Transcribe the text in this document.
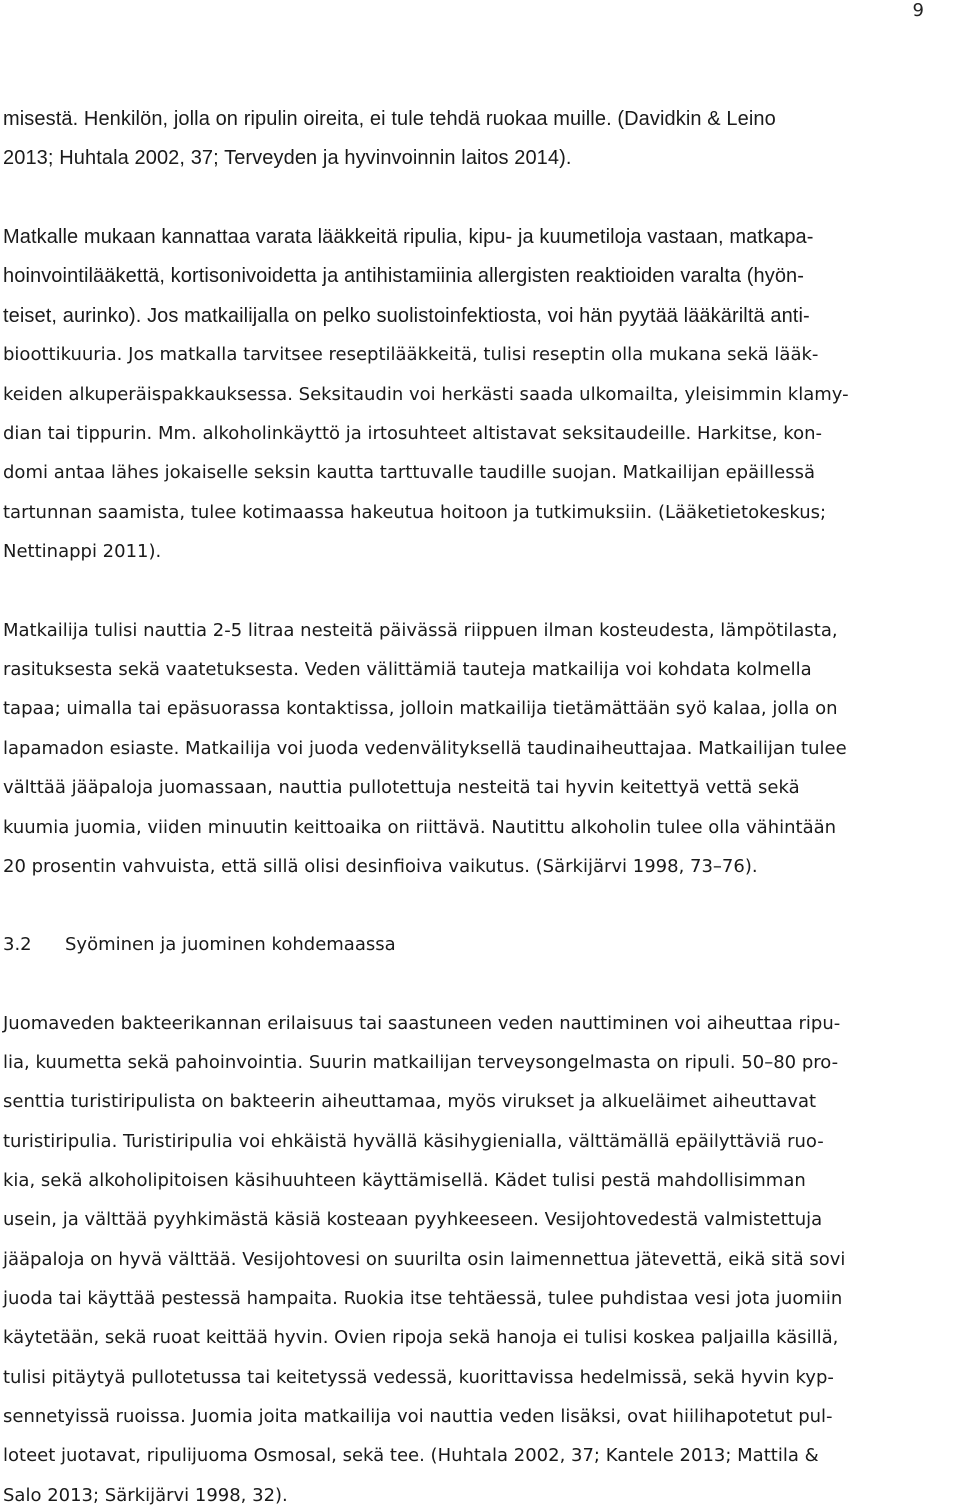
9
misestä. Henkilön, jolla on ripulin oireita, ei tule tehdä ruokaa muille. (Davidkin & Leino
2013; Huhtala 2002, 37; Terveyden ja hyvinvoinnin laitos 2014).
Matkalle mukaan kannattaa varata lääkkeitä ripulia, kipu- ja kuumetiloja vastaan, matkapa-
hoinvointilääkettä, kortisonivoidetta ja antihistamiinia allergisten reaktioiden varalta (hyön-
teiset, aurinko). Jos matkailijalla on pelko suolistoinfektiosta, voi hän pyytää lääkäriltä anti-
bioottikuuria. Jos matkalla tarvitsee reseptilääkkeitä, tulisi reseptin olla mukana sekä lääk-
keiden alkuperäispakkauksessa. Seksitaudin voi herkästi saada ulkomailta, yleisimmin klamy-
dian tai tippurin. Mm. alkoholinkäyttö ja irtosuhteet altistavat seksitaudeille. Harkitse, kon-
domi antaa lähes jokaiselle seksin kautta tarttuvalle taudille suojan. Matkailijan epäillessä
tartunnan saamista, tulee kotimaassa hakeutua hoitoon ja tutkimuksiin. (Lääketietokeskus;
Nettinappi 2011).
Matkailija tulisi nauttia 2-5 litraa nesteitä päivässä riippuen ilman kosteudesta, lämpötilasta,
rasituksesta sekä vaatetuksesta. Veden välittämiä tauteja matkailija voi kohdata kolmella
tapaa; uimalla tai epäsuorassa kontaktissa, jolloin matkailija tietämättään syö kalaa, jolla on
lapamadon esiaste. Matkailija voi juoda vedenvälityksellä taudinaiheuttajaa. Matkailijan tulee
välttää jääpaloja juomassaan, nauttia pullotettuja nesteitä tai hyvin keitettyä vettä sekä
kuumia juomia, viiden minuutin keittoaika on riittävä. Nautittu alkoholin tulee olla vähintään
20 prosentin vahvuista, että sillä olisi desinfioiva vaikutus. (Särkijärvi 1998, 73–76).
3.2 Syöminen ja juominen kohdemaassa
Juomaveden bakteerikannan erilaisuus tai saastuneen veden nauttiminen voi aiheuttaa ripu-
lia, kuumetta sekä pahoinvointia. Suurin matkailijan terveysongelmasta on ripuli. 50–80 pro-
senttia turistiripulista on bakteerin aiheuttamaa, myös virukset ja alkueläimet aiheuttavat
turistiripulia. Turistiripulia voi ehkäistä hyvällä käsihygienialla, välttämällä epäilyttäviä ruo-
kia, sekä alkoholipitoisen käsihuuhteen käyttämisellä. Kädet tulisi pestä mahdollisimman
usein, ja välttää pyyhkimästä käsiä kosteaan pyyhkeeseen. Vesijohtovedestä valmistettuja
jääpaloja on hyvä välttää. Vesijohtovesi on suurilta osin laimennettua jätevettä, eikä sitä sovi
juoda tai käyttää pestessä hampaita. Ruokia itse tehtäessä, tulee puhdistaa vesi jota juomiin
käytetään, sekä ruoat keittää hyvin. Ovien ripoja sekä hanoja ei tulisi koskea paljailla käsillä,
tulisi pitäytyä pullotetussa tai keitetyssä vedessä, kuorittavissa hedelmissä, sekä hyvin kyp-
sennetyissä ruoissa. Juomia joita matkailija voi nauttia veden lisäksi, ovat hiilihapotetut pul-
loteet juotavat, ripulijuoma Osmosal, sekä tee. (Huhtala 2002, 37; Kantele 2013; Mattila &
Salo 2013; Särkijärvi 1998, 32).
